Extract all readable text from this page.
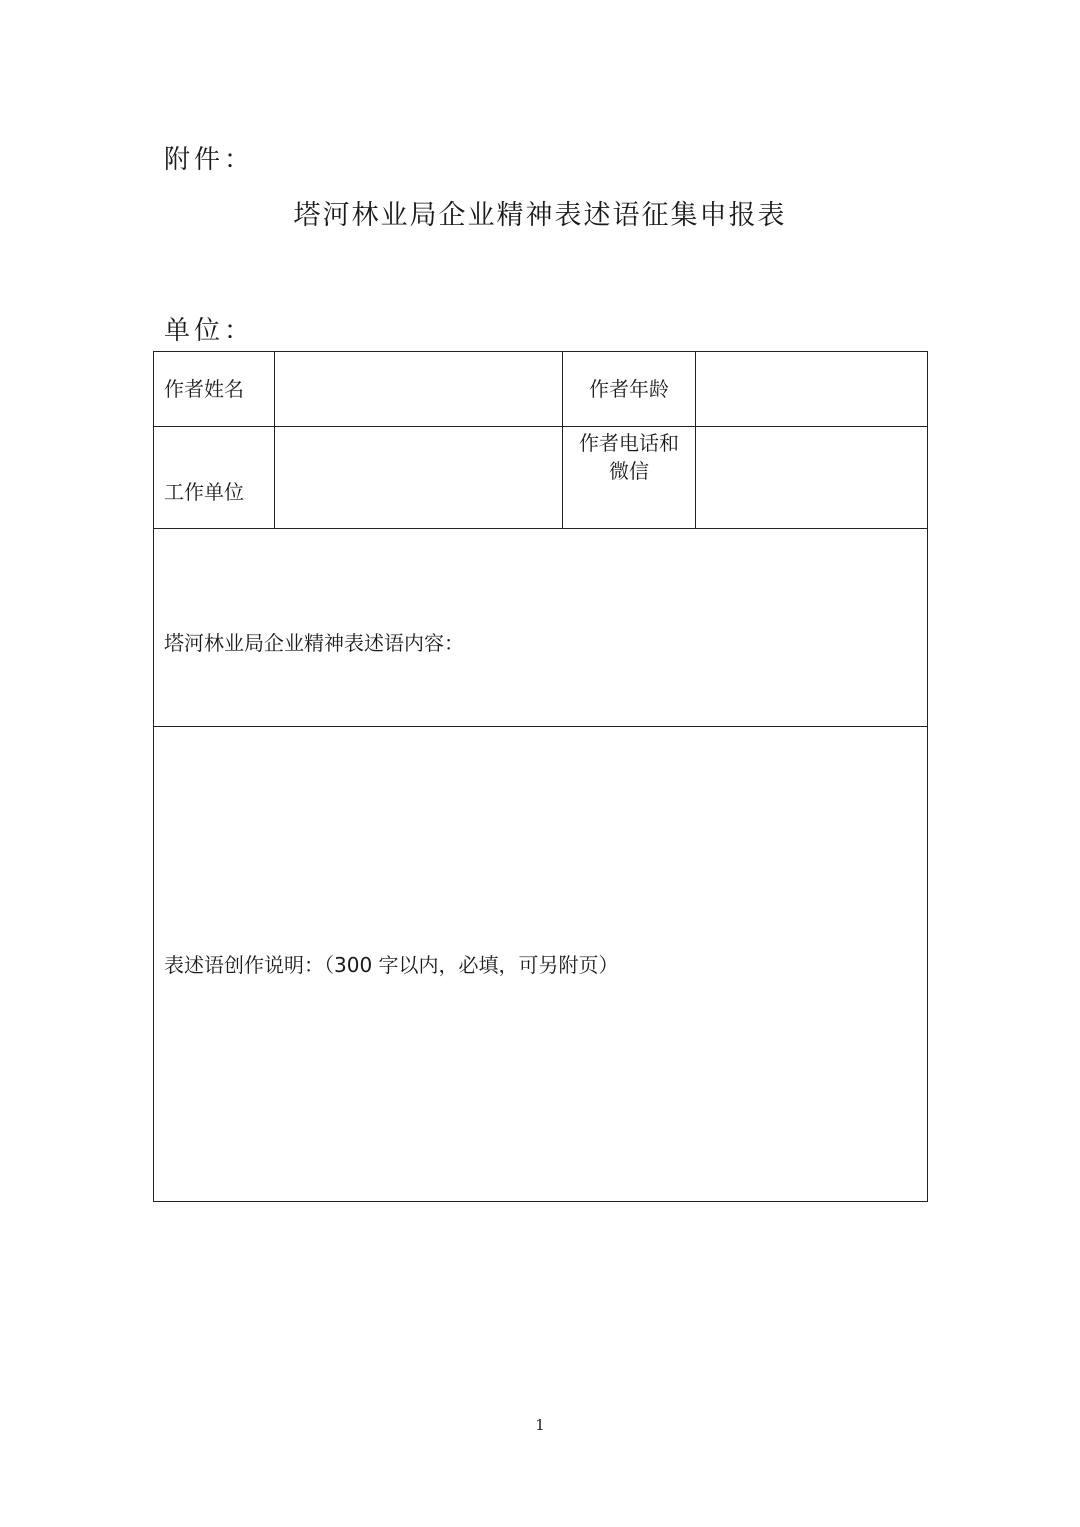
附件：
塔河林业局企业精神表述语征集申报表
单位：
作者姓名		作者年龄	
工作单位		作者电话和
微信	

塔河林业局企业精神表述语内容：			

表述语创作说明：（300 字以内，必填，可另附页）			
1
